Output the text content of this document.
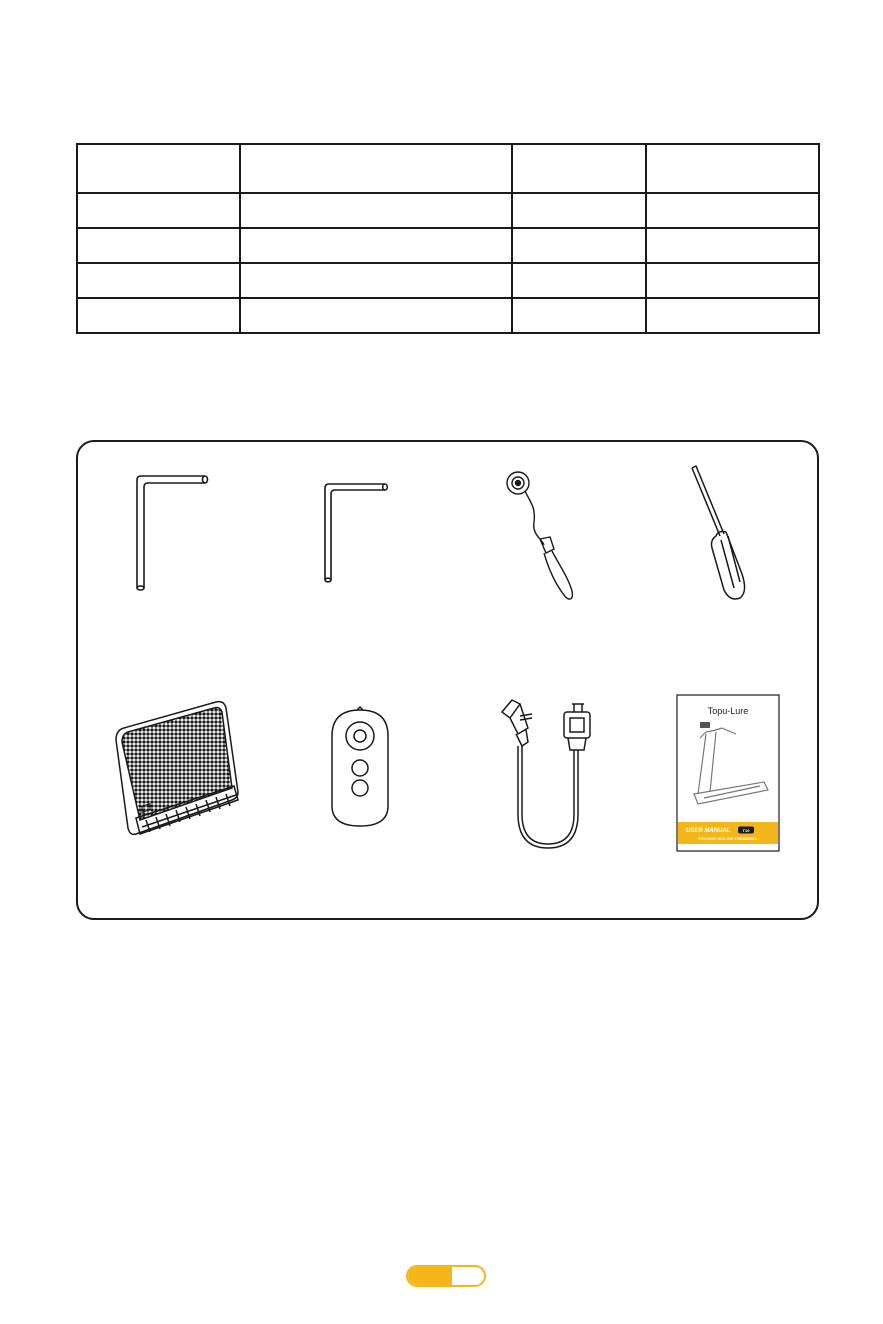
Topu-Lure
USER MANUAL	T10
FOLDING INCLINE TREADMILL
